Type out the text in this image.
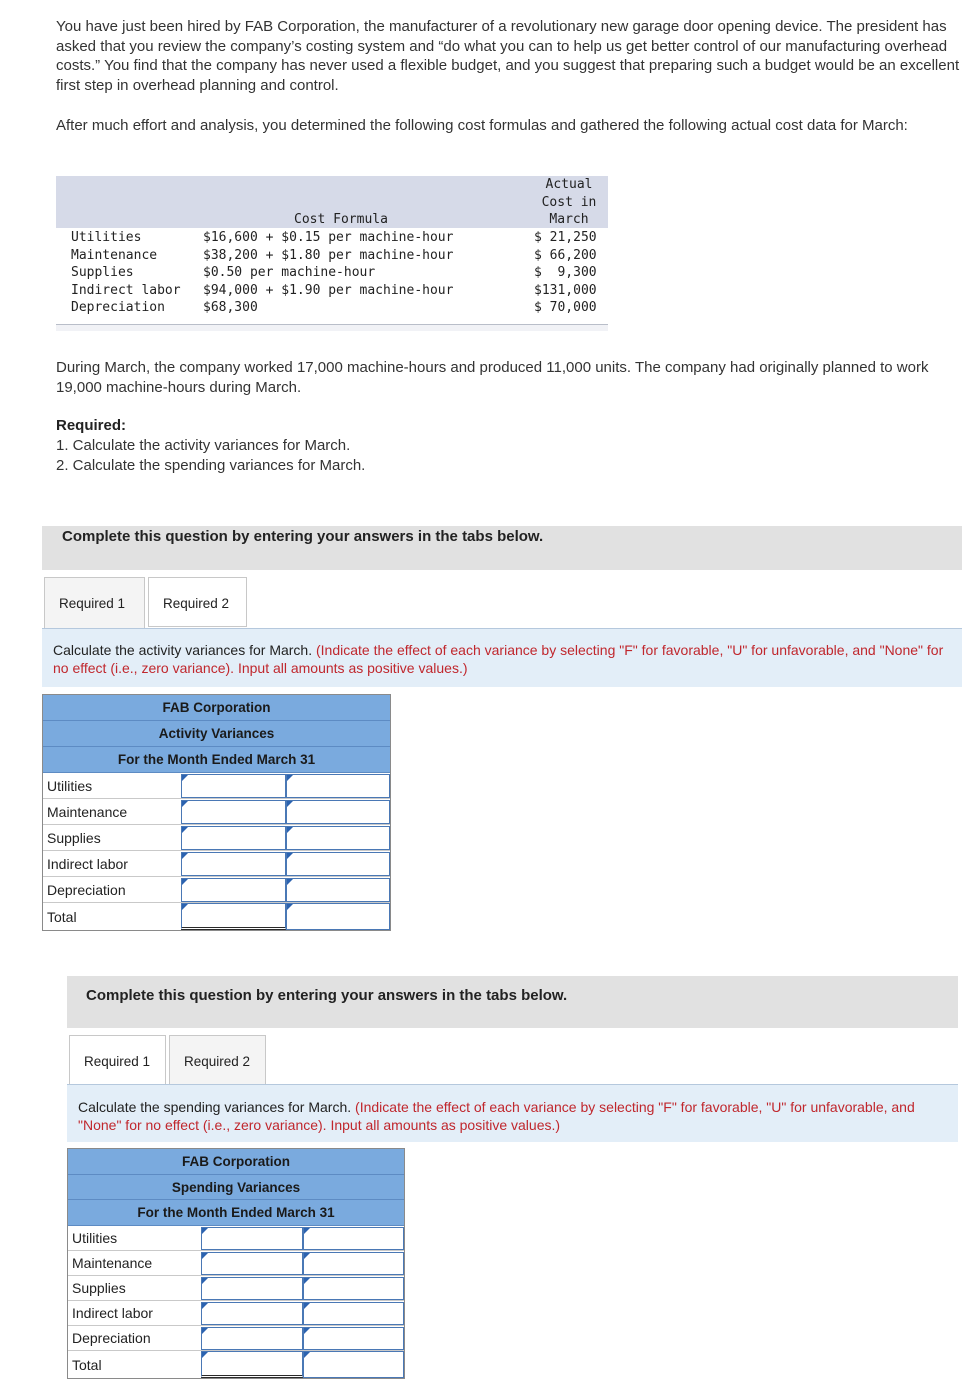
You have just been hired by FAB Corporation, the manufacturer of a revolutionary new garage door opening device. The president has asked that you review the company’s costing system and “do what you can to help us get better control of our manufacturing overhead costs.” You find that the company has never used a flexible budget, and you suggest that preparing such a budget would be an excellent first step in overhead planning and control.

After much effort and analysis, you determined the following cost formulas and gathered the following actual cost data for March:

Cost Formula
Actual
Cost in
March
Utilities	$16,600 + $0.15 per machine-hour	$ 21,250
Maintenance	$38,200 + $1.80 per machine-hour	$ 66,200
Supplies	$0.50 per machine-hour	$  9,300
Indirect labor $94,000 + $1.90 per machine-hour	$131,000
Depreciation	$68,300	$ 70,000

During March, the company worked 17,000 machine-hours and produced 11,000 units. The company had originally planned to work 19,000 machine-hours during March.

Required:
1. Calculate the activity variances for March.
2. Calculate the spending variances for March.
Complete this question by entering your answers in the tabs below.
Required 1	Required 2

Calculate the activity variances for March. (Indicate the effect of each variance by selecting "F" for favorable, "U" for unfavorable, and "None" for no effect (i.e., zero variance). Input all amounts as positive values.)

FAB Corporation
Activity Variances
For the Month Ended March 31
Utilities
Maintenance
Supplies
Indirect labor
Depreciation
Total
Complete this question by entering your answers in the tabs below.
Required 1	Required 2

Calculate the spending variances for March. (Indicate the effect of each variance by selecting "F" for favorable, "U" for unfavorable, and "None" for no effect (i.e., zero variance). Input all amounts as positive values.)

FAB Corporation
Spending Variances
For the Month Ended March 31
Utilities
Maintenance
Supplies
Indirect labor
Depreciation
Total
